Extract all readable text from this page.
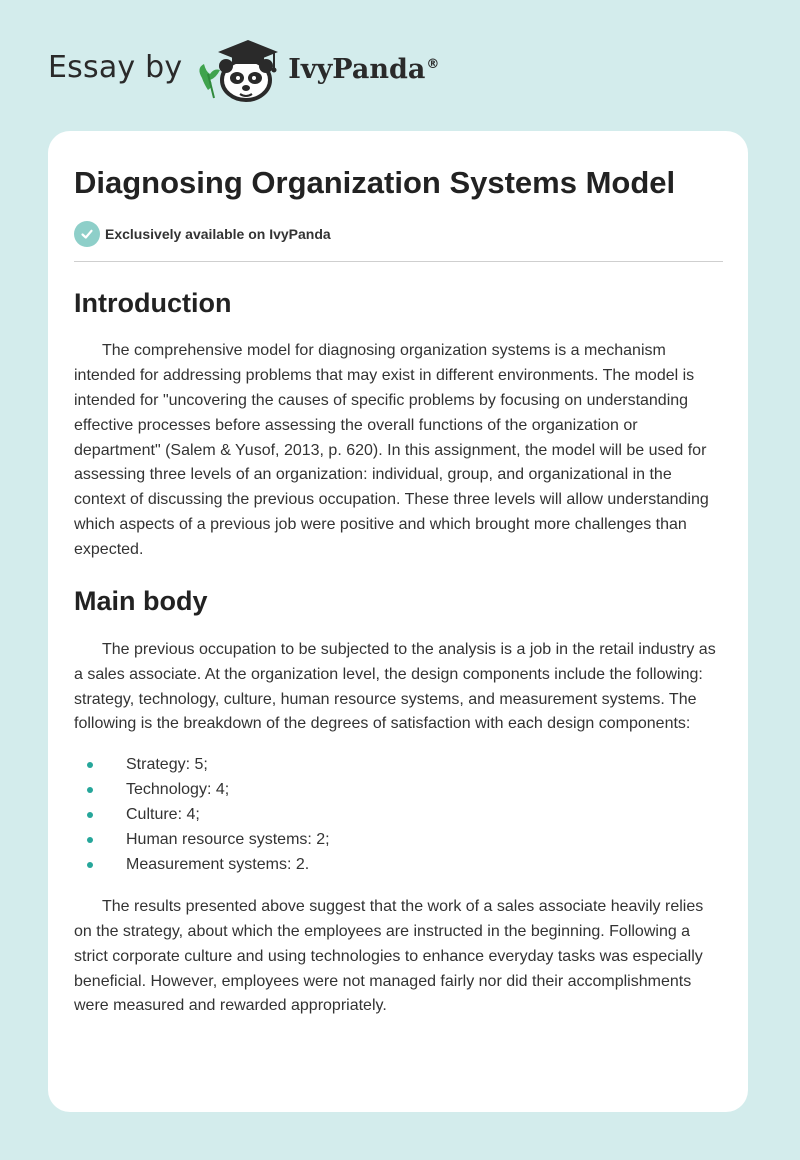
Essay by	IvyPanda®
Diagnosing Organization Systems Model
Exclusively available on IvyPanda
Introduction

The comprehensive model for diagnosing organization systems is a mechanism intended for addressing problems that may exist in different environments. The model is intended for "uncovering the causes of specific problems by focusing on understanding effective processes before assessing the overall functions of the organization or department" (Salem & Yusof, 2013, p. 620). In this assignment, the model will be used for assessing three levels of an organization: individual, group, and organizational in the context of discussing the previous occupation. These three levels will allow understanding which aspects of a previous job were positive and which brought more challenges than expected.

Main body

The previous occupation to be subjected to the analysis is a job in the retail industry as a sales associate. At the organization level, the design components include the following: strategy, technology, culture, human resource systems, and measurement systems. The following is the breakdown of the degrees of satisfaction with each design components:

Strategy: 5;
Technology: 4;
Culture: 4;
Human resource systems: 2;
Measurement systems: 2.

The results presented above suggest that the work of a sales associate heavily relies on the strategy, about which the employees are instructed in the beginning. Following a strict corporate culture and using technologies to enhance everyday tasks was especially beneficial. However, employees were not managed fairly nor did their accomplishments were measured and rewarded appropriately.
